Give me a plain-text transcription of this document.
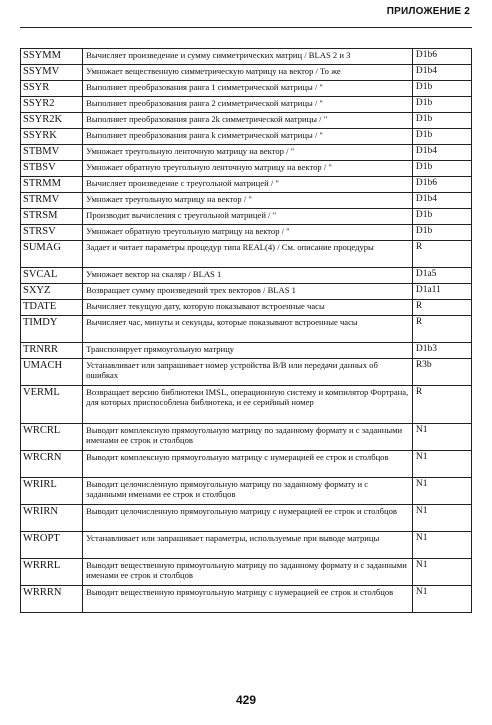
ПРИЛОЖЕНИЕ 2
SSYMM	Вычисляет произведение и сумму симметрических матриц / BLAS 2 и 3	D1b6
SSYMV	Умножает вещественную симметрическую матрицу на вектор / То же	D1b4
SSYR	Выполняет преобразования ранга 1 симметрической матрицы / "	D1b
SSYR2	Выполняет преобразования ранга 2 симметрической матрицы / "	D1b
SSYR2K	Выполняет преобразования ранга 2k симметрической матрицы / "	D1b
SSYRK	Выполняет преобразования ранга k симметрической матрицы / "	D1b
STBMV	Умножает треугольную ленточную матрицу на вектор / "	D1b4
STBSV	Умножает обратную треугольную ленточную матрицу на вектор / "	D1b
STRMM	Вычисляет произведение с треугольной матрицей / "	D1b6
STRMV	Умножает треугольную матрицу на вектор / "	D1b4
STRSM	Производит вычисления с треугольной матрицей / "	D1b
STRSV	Умножает обратную треугольную матрицу на вектор / "	D1b
SUMAG	Задает и читает параметры процедур типа REAL(4) / См. описание процедуры	R
SVCAL	Умножает вектор на скаляр / BLAS 1	D1a5
SXYZ	Возвращает сумму произведений трех векторов / BLAS 1	D1a11
TDATE	Вычисляет текущую дату, которую показывают встроенные часы	R
TIMDY	Вычисляет час, минуты и секунды, которые показывают встроенные часы	R
TRNRR	Транспонирует прямоугольную матрицу	D1b3
UMACH	Устанавливает или запрашивает номер устройства В/В или передачи данных об ошибках	R3b
VERML	Возвращает версию библиотеки IMSL, операционную систему и компилятор Фортрана, для которых приспособлена библиотека, и ее серийный номер	R
WRCRL	Выводит комплексную прямоугольную матрицу по заданному формату и с заданными именами ее строк и столбцов	N1
WRCRN	Выводит комплексную прямоугольную матрицу с нумерацией ее строк и столбцов	N1
WRIRL	Выводит целочисленную прямоугольную матрицу по заданному формату и с заданными именами ее строк и столбцов	N1
WRIRN	Выводит целочисленную прямоугольную матрицу с нумерацией ее строк и столбцов	N1
WROPT	Устанавливает или запрашивает параметры, используемые при выводе матрицы	N1
WRRRL	Выводит вещественную прямоугольную матрицу по заданному формату и с заданными именами ее строк и столбцов	N1
WRRRN	Выводит вещественную прямоугольную матрицу с нумерацией ее строк и столбцов	N1
429
